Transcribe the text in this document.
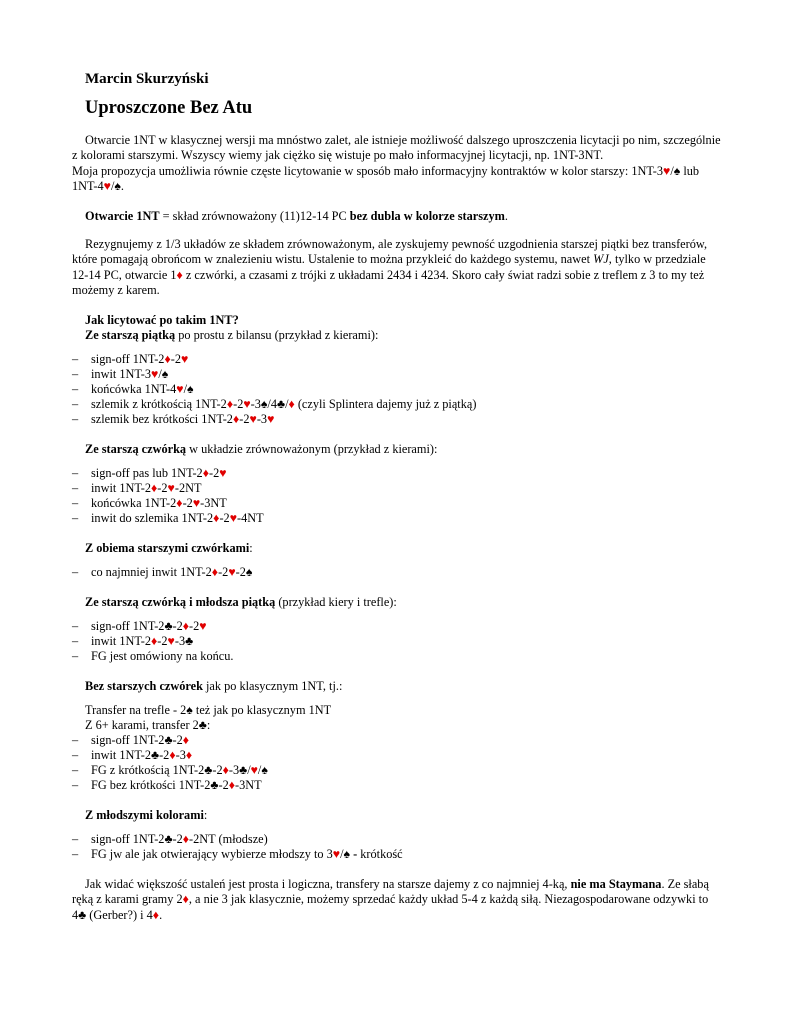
Marcin Skurzyński
Uproszczone Bez Atu
Otwarcie 1NT w klasycznej wersji ma mnóstwo zalet, ale istnieje możliwość dalszego uproszczenia licytacji po nim, szczególnie z kolorami starszymi. Wszyscy wiemy jak ciężko się wistuje po mało informacyjnej licytacji, np. 1NT-3NT.
Moja propozycja umożliwia równie częste licytowanie w sposób mało informacyjny kontraktów w kolor starszy: 1NT-3♥/♠ lub 1NT-4♥/♠.
Otwarcie 1NT = skład zrównoważony (11)12-14 PC bez dubla w kolorze starszym.
Rezygnujemy z 1/3 układów ze składem zrównoważonym, ale zyskujemy pewność uzgodnienia starszej piątki bez transferów, które pomagają obrońcom w znalezieniu wistu. Ustalenie to można przykleić do każdego systemu, nawet WJ, tylko w przedziale 12-14 PC, otwarcie 1♦ z czwórki, a czasami z trójki z układami 2434 i 4234. Skoro cały świat radzi sobie z treflem z 3 to my też możemy z karem.
Jak licytować po takim 1NT?
Ze starszą piątką po prostu z bilansu (przykład z kierami):
– sign-off 1NT-2♦-2♥
– inwit 1NT-3♥/♠
– końcówka 1NT-4♥/♠
– szlemik z krótkością 1NT-2♦-2♥-3♠/4♣/♦ (czyli Splintera dajemy już z piątką)
– szlemik bez krótkości 1NT-2♦-2♥-3♥
Ze starszą czwórką w układzie zrównoważonym (przykład z kierami):
– sign-off pas lub 1NT-2♦-2♥
– inwit 1NT-2♦-2♥-2NT
– końcówka 1NT-2♦-2♥-3NT
– inwit do szlemika 1NT-2♦-2♥-4NT
Z obiema starszymi czwórkami:
– co najmniej inwit 1NT-2♦-2♥-2♠
Ze starszą czwórką i młodsza piątką (przykład kiery i trefle):
– sign-off 1NT-2♣-2♦-2♥
– inwit 1NT-2♦-2♥-3♣
– FG jest omówiony na końcu.
Bez starszych czwórek jak po klasycznym 1NT, tj.:
Transfer na trefle - 2♠ też jak po klasycznym 1NT
Z 6+ karami, transfer 2♣:
– sign-off 1NT-2♣-2♦
– inwit 1NT-2♣-2♦-3♦
– FG z krótkością 1NT-2♣-2♦-3♣/♥/♠
– FG bez krótkości 1NT-2♣-2♦-3NT
Z młodszymi kolorami:
– sign-off 1NT-2♣-2♦-2NT (młodsze)
– FG jw ale jak otwierający wybierze młodszy to 3♥/♠ - krótkość
Jak widać większość ustaleń jest prosta i logiczna, transfery na starsze dajemy z co najmniej 4-ką, nie ma Staymana. Ze słabą ręką z karami gramy 2♦, a nie 3 jak klasycznie, możemy sprzedać każdy układ 5-4 z każdą siłą. Niezagospodarowane odzywki to 4♣ (Gerber?) i 4♦.
